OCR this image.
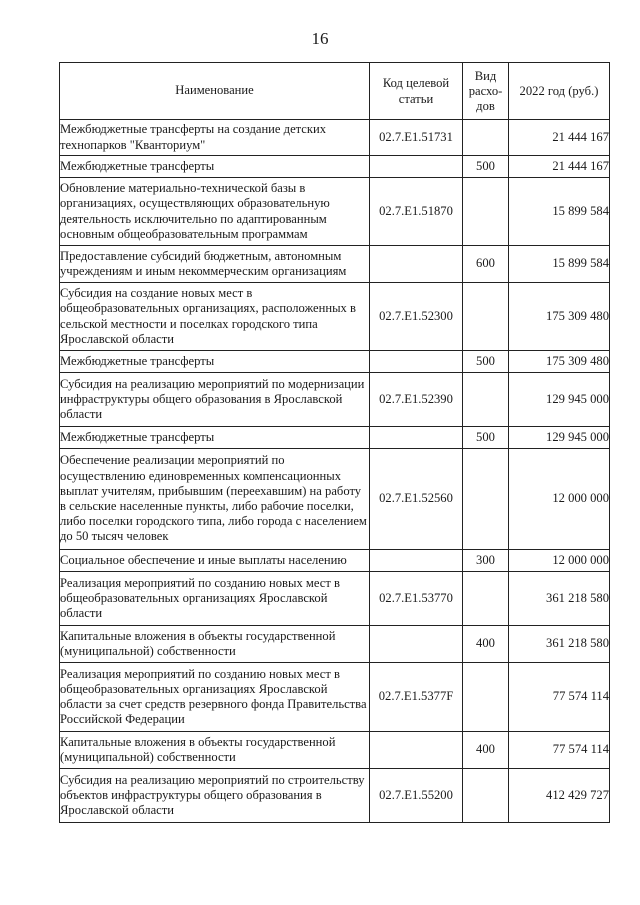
16
Наименование	Код целевой статьи	Вид расхо-дов	2022 год (руб.)
Межбюджетные трансферты на создание детских технопарков "Кванториум"	02.7.Е1.51731		21 444 167
Межбюджетные трансферты		500	21 444 167
Обновление материально-технической базы в организациях, осуществляющих образовательную деятельность исключительно по адаптированным основным общеобразовательным программам	02.7.Е1.51870		15 899 584
Предоставление субсидий бюджетным, автономным учреждениям и иным некоммерческим организациям		600	15 899 584
Субсидия на создание новых мест в общеобразовательных организациях, расположенных в сельской местности и поселках городского типа Ярославской области	02.7.Е1.52300		175 309 480
Межбюджетные трансферты		500	175 309 480
Субсидия на реализацию мероприятий по модернизации инфраструктуры общего образования в Ярославской области	02.7.Е1.52390		129 945 000
Межбюджетные трансферты		500	129 945 000
Обеспечение реализации мероприятий по осуществлению единовременных компенсационных выплат учителям, прибывшим (переехавшим) на работу в сельские населенные пункты, либо рабочие поселки, либо поселки городского типа, либо города с населением до 50 тысяч человек	02.7.Е1.52560		12 000 000
Социальное обеспечение и иные выплаты населению		300	12 000 000
Реализация мероприятий по созданию новых мест в общеобразовательных организациях Ярославской области	02.7.Е1.53770		361 218 580
Капитальные вложения в объекты государственной (муниципальной) собственности		400	361 218 580
Реализация мероприятий по созданию новых мест в общеобразовательных организациях Ярославской области за счет средств резервного фонда Правительства Российской Федерации	02.7.Е1.5377F		77 574 114
Капитальные вложения в объекты государственной (муниципальной) собственности		400	77 574 114
Субсидия на реализацию мероприятий по строительству объектов инфраструктуры общего образования в Ярославской области	02.7.Е1.55200		412 429 727
